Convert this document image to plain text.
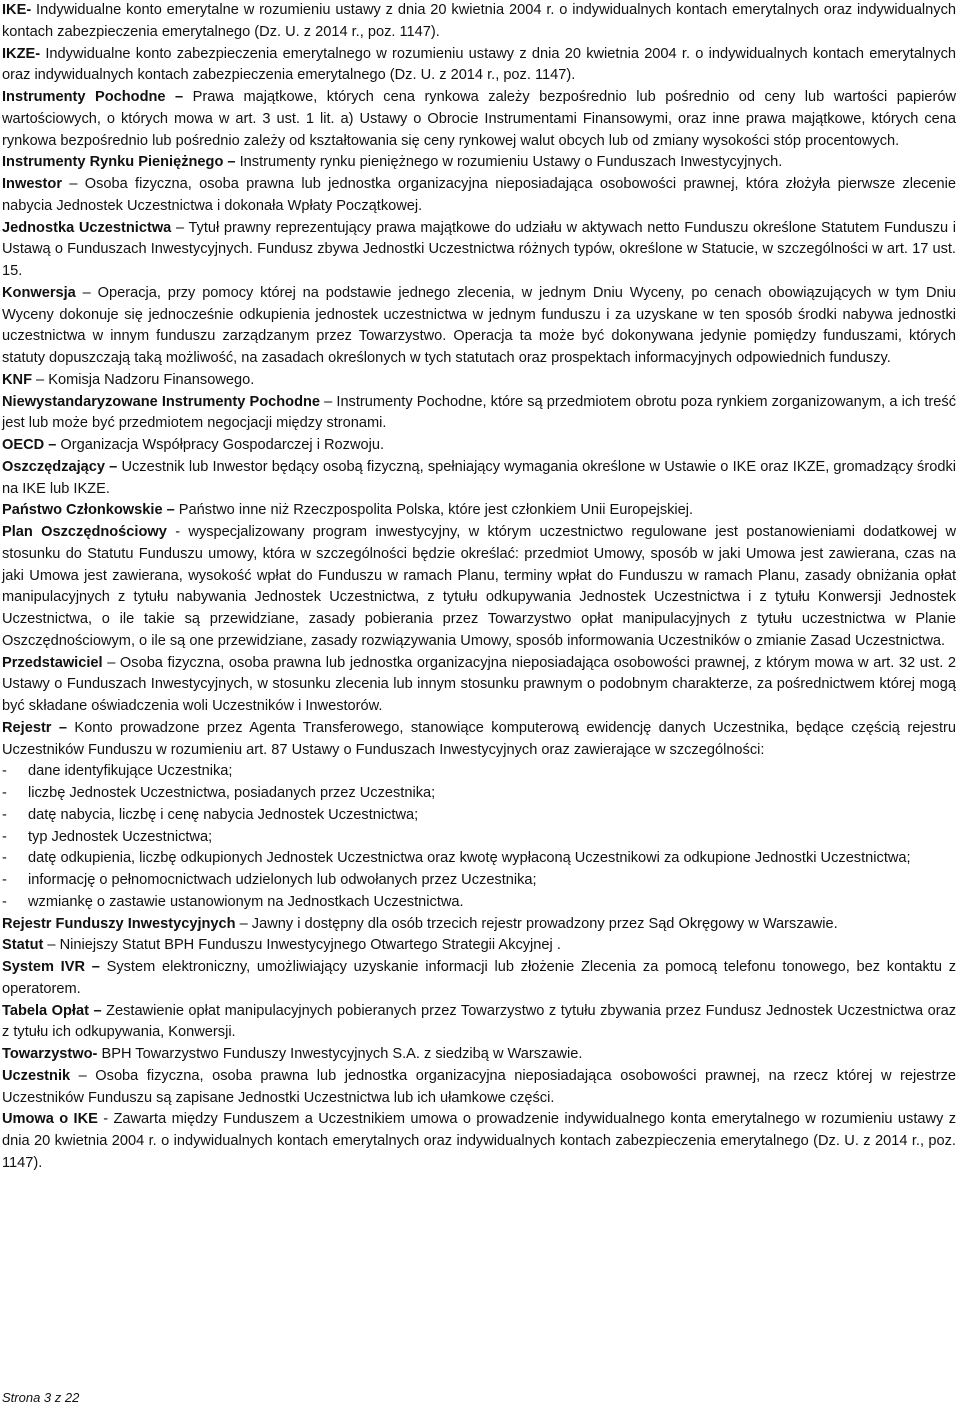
IKE- Indywidualne konto emerytalne w rozumieniu ustawy z dnia 20 kwietnia 2004 r. o indywidualnych kontach emerytalnych oraz indywidualnych kontach zabezpieczenia emerytalnego (Dz. U. z 2014 r., poz. 1147).

IKZE- Indywidualne konto zabezpieczenia emerytalnego w rozumieniu ustawy z dnia 20 kwietnia 2004 r. o indywidualnych kontach emerytalnych oraz indywidualnych kontach zabezpieczenia emerytalnego (Dz. U. z 2014 r., poz. 1147).

Instrumenty Pochodne – Prawa majątkowe, których cena rynkowa zależy bezpośrednio lub pośrednio od ceny lub wartości papierów wartościowych, o których mowa w art. 3 ust. 1 lit. a) Ustawy o Obrocie Instrumentami Finansowymi, oraz inne prawa majątkowe, których cena rynkowa bezpośrednio lub pośrednio zależy od kształtowania się ceny rynkowej walut obcych lub od zmiany wysokości stóp procentowych.

Instrumenty Rynku Pieniężnego – Instrumenty rynku pieniężnego w rozumieniu Ustawy o Funduszach Inwestycyjnych.

Inwestor – Osoba fizyczna, osoba prawna lub jednostka organizacyjna nieposiadająca osobowości prawnej, która złożyła pierwsze zlecenie nabycia Jednostek Uczestnictwa i dokonała Wpłaty Początkowej.

Jednostka Uczestnictwa – Tytuł prawny reprezentujący prawa majątkowe do udziału w aktywach netto Funduszu określone Statutem Funduszu i Ustawą o Funduszach Inwestycyjnych. Fundusz zbywa Jednostki Uczestnictwa różnych typów, określone w Statucie, w szczególności w art. 17 ust. 15.

Konwersja – Operacja, przy pomocy której na podstawie jednego zlecenia, w jednym Dniu Wyceny, po cenach obowiązujących w tym Dniu Wyceny dokonuje się jednocześnie odkupienia jednostek uczestnictwa w jednym funduszu i za uzyskane w ten sposób środki nabywa jednostki uczestnictwa w innym funduszu zarządzanym przez Towarzystwo. Operacja ta może być dokonywana jedynie pomiędzy funduszami, których statuty dopuszczają taką możliwość, na zasadach określonych w tych statutach oraz prospektach informacyjnych odpowiednich funduszy.

KNF – Komisja Nadzoru Finansowego.

Niewystandaryzowane Instrumenty Pochodne – Instrumenty Pochodne, które są przedmiotem obrotu poza rynkiem zorganizowanym, a ich treść jest lub może być przedmiotem negocjacji między stronami.

OECD – Organizacja Współpracy Gospodarczej i Rozwoju.

Oszczędzający – Uczestnik lub Inwestor będący osobą fizyczną, spełniający wymagania określone w Ustawie o IKE oraz IKZE, gromadzący środki na IKE lub IKZE.

Państwo Członkowskie – Państwo inne niż Rzeczpospolita Polska, które jest członkiem Unii Europejskiej.

Plan Oszczędnościowy - wyspecjalizowany program inwestycyjny, w którym uczestnictwo regulowane jest postanowieniami dodatkowej w stosunku do Statutu Funduszu umowy, która w szczególności będzie określać: przedmiot Umowy, sposób w jaki Umowa jest zawierana, czas na jaki Umowa jest zawierana, wysokość wpłat do Funduszu w ramach Planu, terminy wpłat do Funduszu w ramach Planu, zasady obniżania opłat manipulacyjnych z tytułu nabywania Jednostek Uczestnictwa, z tytułu odkupywania Jednostek Uczestnictwa i z tytułu Konwersji Jednostek Uczestnictwa, o ile takie są przewidziane, zasady pobierania przez Towarzystwo opłat manipulacyjnych z tytułu uczestnictwa w Planie Oszczędnościowym, o ile są one przewidziane, zasady rozwiązywania Umowy, sposób informowania Uczestników o zmianie Zasad Uczestnictwa.

Przedstawiciel – Osoba fizyczna, osoba prawna lub jednostka organizacyjna nieposiadająca osobowości prawnej, z którym mowa w art. 32 ust. 2 Ustawy o Funduszach Inwestycyjnych, w stosunku zlecenia lub innym stosunku prawnym o podobnym charakterze, za pośrednictwem której mogą być składane oświadczenia woli Uczestników i Inwestorów.

Rejestr – Konto prowadzone przez Agenta Transferowego, stanowiące komputerową ewidencję danych Uczestnika, będące częścią rejestru Uczestników Funduszu w rozumieniu art. 87 Ustawy o Funduszach Inwestycyjnych oraz zawierające w szczególności:

-	dane identyfikujące Uczestnika;
-	liczbę Jednostek Uczestnictwa, posiadanych przez Uczestnika;
-	datę nabycia, liczbę i cenę nabycia Jednostek Uczestnictwa;
-	typ Jednostek Uczestnictwa;
-	datę odkupienia, liczbę odkupionych Jednostek Uczestnictwa oraz kwotę wypłaconą Uczestnikowi za odkupione Jednostki Uczestnictwa;
-	informację o pełnomocnictwach udzielonych lub odwołanych przez Uczestnika;
-	wzmiankę o zastawie ustanowionym na Jednostkach Uczestnictwa.

Rejestr Funduszy Inwestycyjnych – Jawny i dostępny dla osób trzecich rejestr prowadzony przez Sąd Okręgowy w Warszawie.

Statut – Niniejszy Statut BPH Funduszu Inwestycyjnego Otwartego Strategii Akcyjnej .

System IVR – System elektroniczny, umożliwiający uzyskanie informacji lub złożenie Zlecenia za pomocą telefonu tonowego, bez kontaktu z operatorem.

Tabela Opłat – Zestawienie opłat manipulacyjnych pobieranych przez Towarzystwo z tytułu zbywania przez Fundusz Jednostek Uczestnictwa oraz z tytułu ich odkupywania, Konwersji.

Towarzystwo- BPH Towarzystwo Funduszy Inwestycyjnych S.A. z siedzibą w Warszawie.

Uczestnik – Osoba fizyczna, osoba prawna lub jednostka organizacyjna nieposiadająca osobowości prawnej, na rzecz której w rejestrze Uczestników Funduszu są zapisane Jednostki Uczestnictwa lub ich ułamkowe części.

Umowa o IKE - Zawarta między Funduszem a Uczestnikiem umowa o prowadzenie indywidualnego konta emerytalnego w rozumieniu ustawy z dnia 20 kwietnia 2004 r. o indywidualnych kontach emerytalnych oraz indywidualnych kontach zabezpieczenia emerytalnego (Dz. U. z 2014 r., poz. 1147).

Strona 3 z 22
